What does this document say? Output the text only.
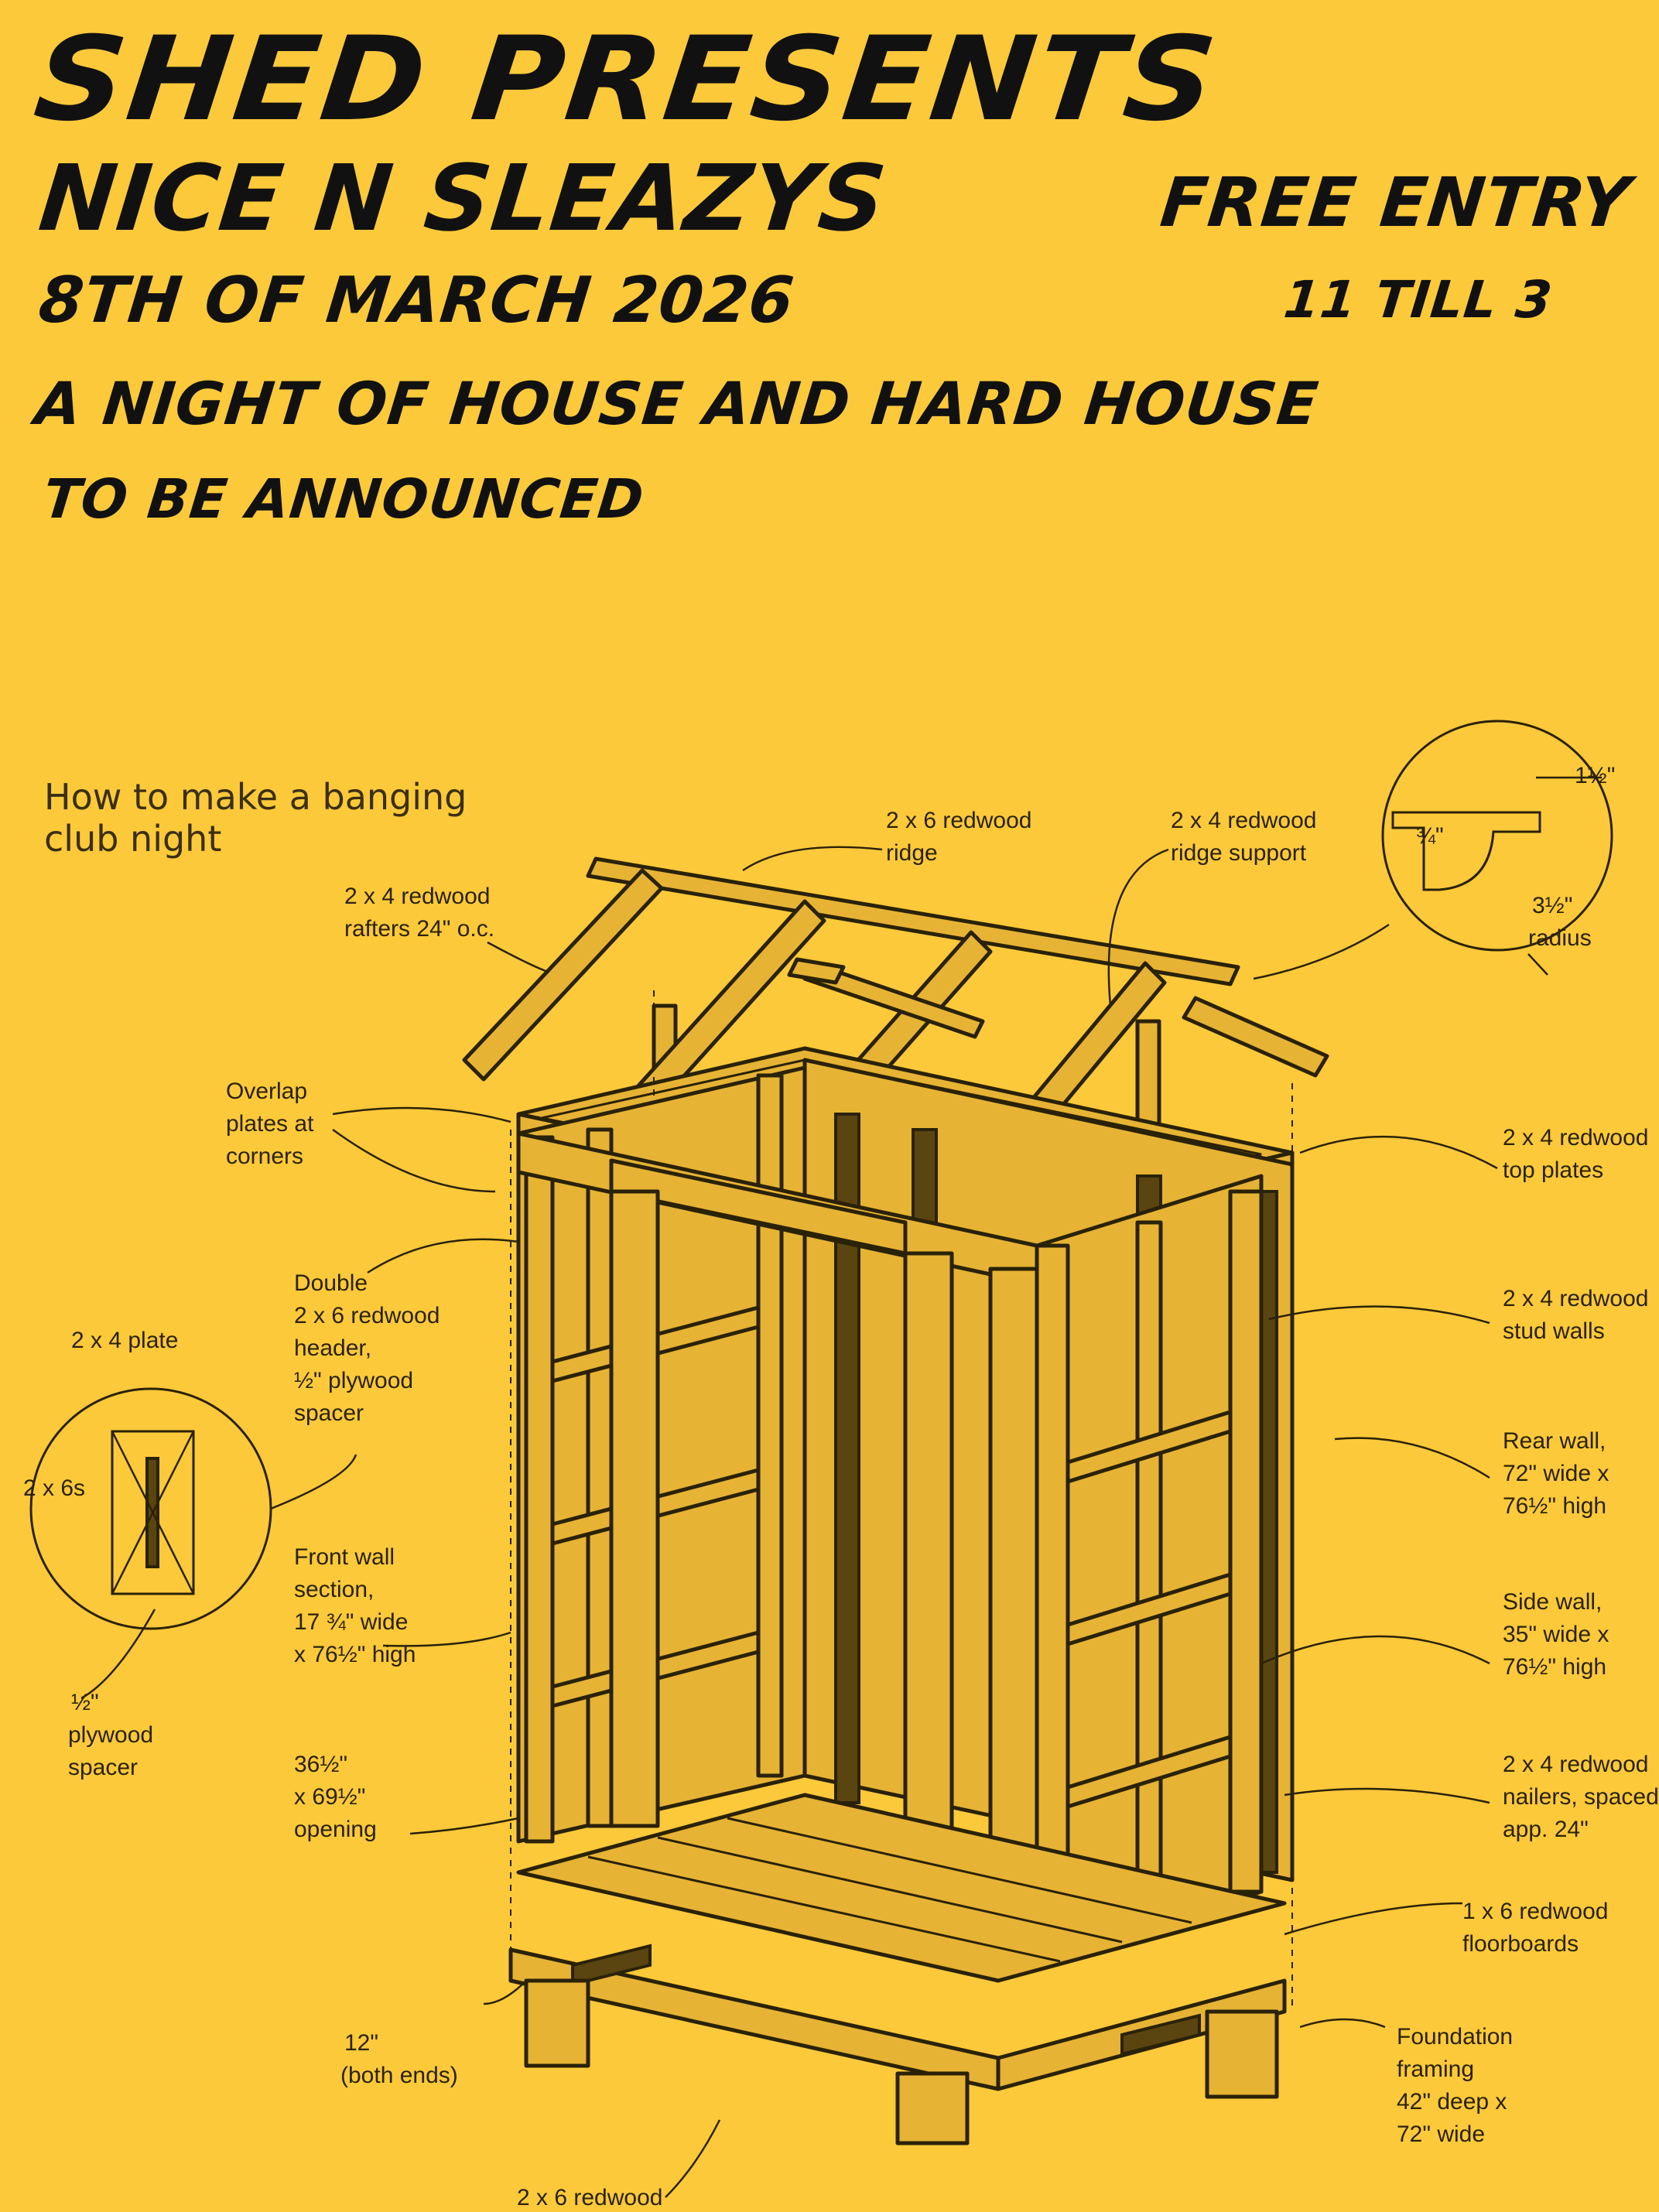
SHED PRESENTS
NICE N SLEAZYS
8TH OF MARCH 2026
A NIGHT OF HOUSE AND HARD HOUSE
TO BE ANNOUNCED
FREE ENTRY
11 TILL 3

How to make a banging club night	2 x 6 redwood
ridge
2 x 4 redwood
ridge support
2 x 4 redwood
rafters 24" o.c.
1½"
¾"
3½"
radius
Overlap
plates at
corners
2 x 4 redwood
top plates
Double
2 x 6 redwood
header,
½" plywood
spacer
2 x 4 redwood
stud walls
2 x 4 plate
2 x 6s
Rear wall,
72" wide x
76½" high
Front wall
section,
17 ¾" wide
x 76½" high
Side wall,
35" wide x
76½" high
½"
plywood
spacer	36½"
x 69½"
opening
2 x 4 redwood
nailers, spaced
app. 24"
1 x 6 redwood
floorboards
12"
(both ends)
Foundation
framing
42" deep x
72" wide
2 x 6 redwood
